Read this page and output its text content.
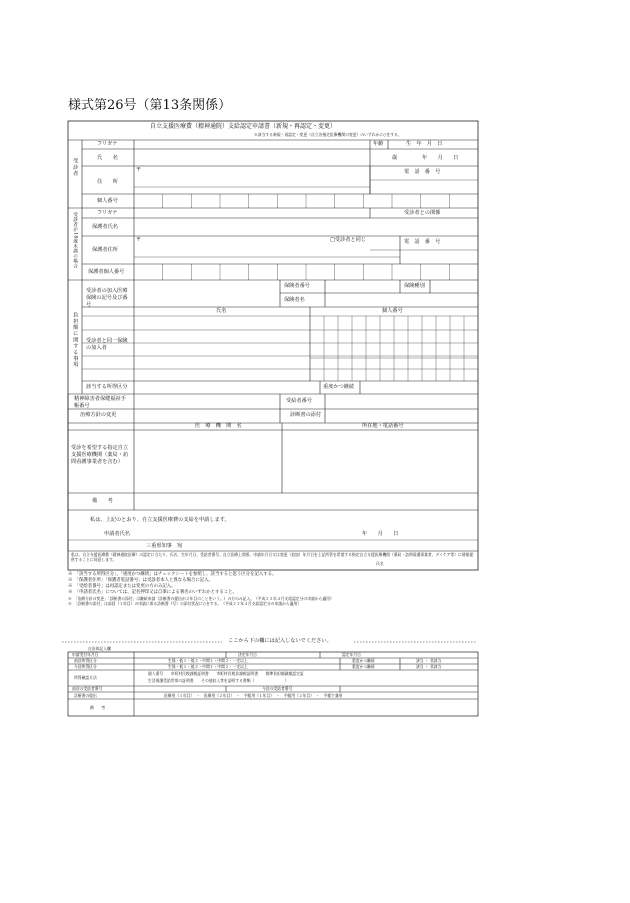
様式第26号（第13条関係）
自立支援医療費（精神通院）支給認定申請書（新規・再認定・変更）
※該当する新規・再認定・変更（自立各指定医療機関の変更）のいずれかに○をする。
受診者
フリガナ
氏　　名
年齢	生　年　月　日
歳	年　　月　　日
住　　所
〒	電　話　番　号
個人番号
受診者が18歳未満の場合	フリガナ	受診者との関係
保護者氏名
保護者住所
〒	□受診者と同じ	電　話　番　号
保護者個人番号
負担額に関する事項
受診者の加入医療保険の記号及び番号
保険者番号	保険種別
保険者名
氏名	個人番号
受診者と同一保険の加入者
該当する所得区分	重度かつ継続
精神障害者保健福祉手帳番号
受給者番号
治療方針の変更	診断書の添付
医　療　機　関　名	所在地・電話番号
受診を希望する指定自立支援医療機関（薬局・訪問看護事業者を含む）
備　　考
私は、上記のとおり、自立支援医療費の支給を申請します。
申請者氏名	年　　月　　日
三重県知事　宛
私は、自立支援医療費（精神通院医療）の認定に当たり、氏名、生年月日、受給者番号、自立医療上関係、申請年月日又は変更（追加）年月日を上記所管を希望する指定自立支援医療機関（薬局・訪問看護事業者、デイケア等）に情報提供することに同意します。
氏名
※　「該当する所得区分」、「重度かつ継続」はチェックシートを参照し、該当すると思う区分を記入する。
※　「保護者住所」「保護者電話番号」は受診者本人と異なる場合に記入。
※　「受給者番号」は再認定または変更の方のみ記入。
※　「申請者氏名」については、記名押印又は自筆による署名のいずれかとすること。
※　「治療方針の変更」「診断書の添付」は継続申請（診断書の提出が２年目のことをいう。）の方のみ記入。（平成２２年４月支給認定分の申請から適用）
※　「診断書の添付」は前回（１年目）の申請に係る診断書（写）の添付状況に○をする。（平成２２年４月支給認定分の申請から適用）
ここから下の欄には記入しないでください。
自治体記入欄
申請受付年月日	決定年月日	認定年月日
前回所得区分	生保・低１・低２・中間１・中間２・一定以上	重度かつ継続	該当 ・ 非該当
今回所得区分	生保・低１・低２・中間１・中間２・一定以上	重度かつ継続	該当 ・ 非該当
所得確認方法
個人番号　　市町村民税課税証明書　　市町村民税非課税証明書　　標準負担額減額認定証
生活保護受給世帯の証明書　　その他収入等を証明する書類（　　　　　　　　）
前回の受給者番号	今回の受給者番号
診断書の提出	医療用（１年目）　・　医療用（２年目）　・　手帳用（１年目）　・　手帳用（２年目）　・　手帳で兼用
備　　考
